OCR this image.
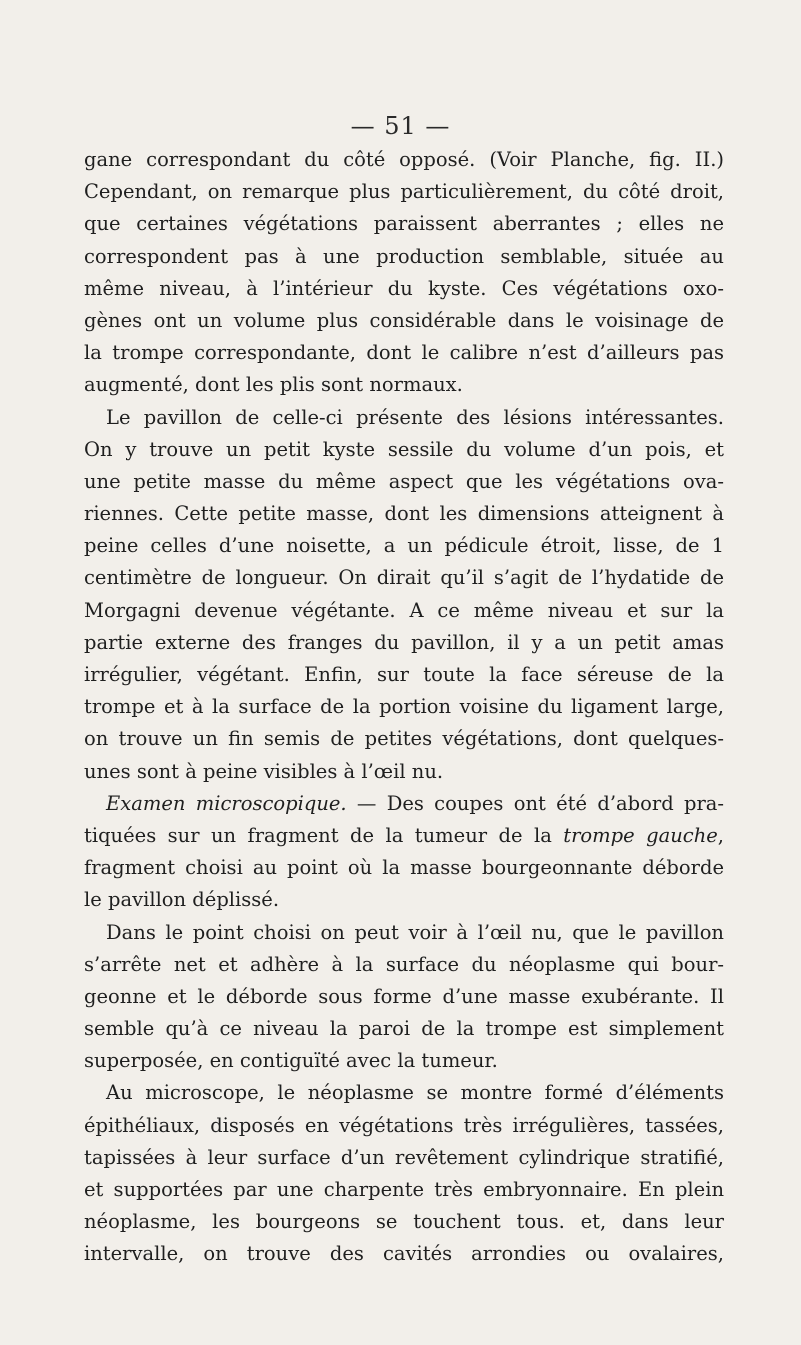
— 51 —
gane correspondant du côté opposé. (Voir Planche, fig. II.)
Cependant, on remarque plus particulièrement, du côté droit,
que certaines végétations paraissent aberrantes ; elles ne
correspondent pas à une production semblable, située au
même niveau, à l’intérieur du kyste. Ces végétations oxo-
gènes ont un volume plus considérable dans le voisinage de
la trompe correspondante, dont le calibre n’est d’ailleurs pas
augmenté, dont les plis sont normaux.
Le pavillon de celle-ci présente des lésions intéressantes.
On y trouve un petit kyste sessile du volume d’un pois, et
une petite masse du même aspect que les végétations ova-
riennes. Cette petite masse, dont les dimensions atteignent à
peine celles d’une noisette, a un pédicule étroit, lisse, de 1
centimètre de longueur. On dirait qu’il s’agit de l’hydatide de
Morgagni devenue végétante. A ce même niveau et sur la
partie externe des franges du pavillon, il y a un petit amas
irrégulier, végétant. Enfin, sur toute la face séreuse de la
trompe et à la surface de la portion voisine du ligament large,
on trouve un fin semis de petites végétations, dont quelques-
unes sont à peine visibles à l’œil nu.
Examen microscopique. — Des coupes ont été d’abord pra-
tiquées sur un fragment de la tumeur de la trompe gauche,
fragment choisi au point où la masse bourgeonnante déborde
le pavillon déplissé.
Dans le point choisi on peut voir à l’œil nu, que le pavillon
s’arrête net et adhère à la surface du néoplasme qui bour-
geonne et le déborde sous forme d’une masse exubérante. Il
semble qu’à ce niveau la paroi de la trompe est simplement
superposée, en contiguïté avec la tumeur.
Au microscope, le néoplasme se montre formé d’éléments
épithéliaux, disposés en végétations très irrégulières, tassées,
tapissées à leur surface d’un revêtement cylindrique stratifié,
et supportées par une charpente très embryonnaire. En plein
néoplasme, les bourgeons se touchent tous. et, dans leur
intervalle, on trouve des cavités arrondies ou ovalaires,
